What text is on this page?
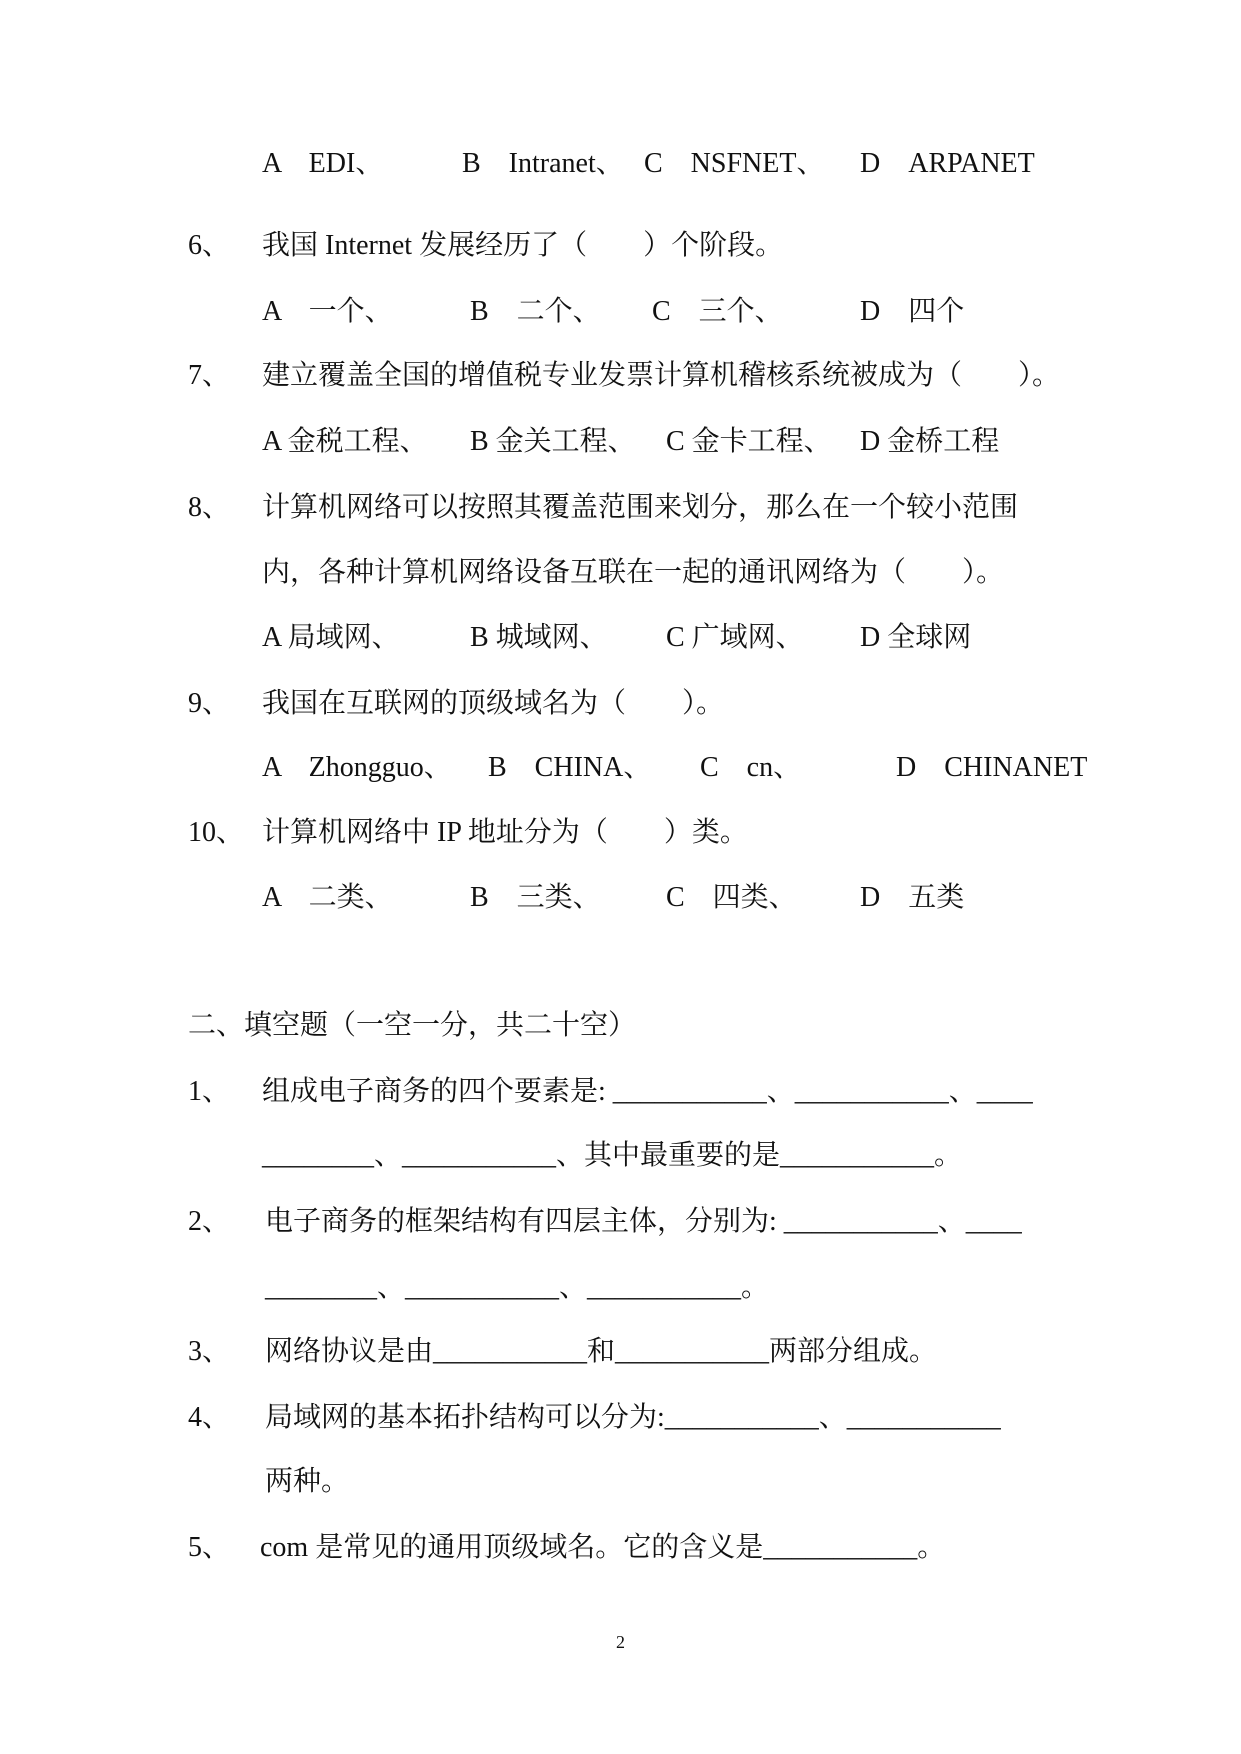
A　EDI、	B　Intranet、 C　NSFNET、 D　ARPANET
6、 我国 Internet 发展经历了（　　）个阶段。
A　一个、	B　二个、 C　三个、	D　四个
7、 建立覆盖全国的增值税专业发票计算机稽核系统被成为（　　）。
A 金税工程、 B 金关工程、 C 金卡工程、 D 金桥工程
8、 计算机网络可以按照其覆盖范围来划分，那么在一个较小范围
内，各种计算机网络设备互联在一起的通讯网络为（　　）。
A 局域网、	B 城域网、 C 广域网、 D 全球网
9、 我国在互联网的顶级域名为（　　）。
A　Zhongguo、 B　CHINA、 C　cn、	D　CHINANET
10、 计算机网络中 IP 地址分为（　　）类。
A　二类、	B　三类、 C　四类、 D　五类
二、填空题（一空一分，共二十空）
1、 组成电子商务的四个要素是: ___________、___________、____
________、___________、其中最重要的是___________。
2、 电子商务的框架结构有四层主体，分别为: ___________、____
________、___________、___________。
3、 网络协议是由___________和___________两部分组成。
4、 局域网的基本拓扑结构可以分为:___________、___________
两种。
5、 com 是常见的通用顶级域名。它的含义是___________。
2
